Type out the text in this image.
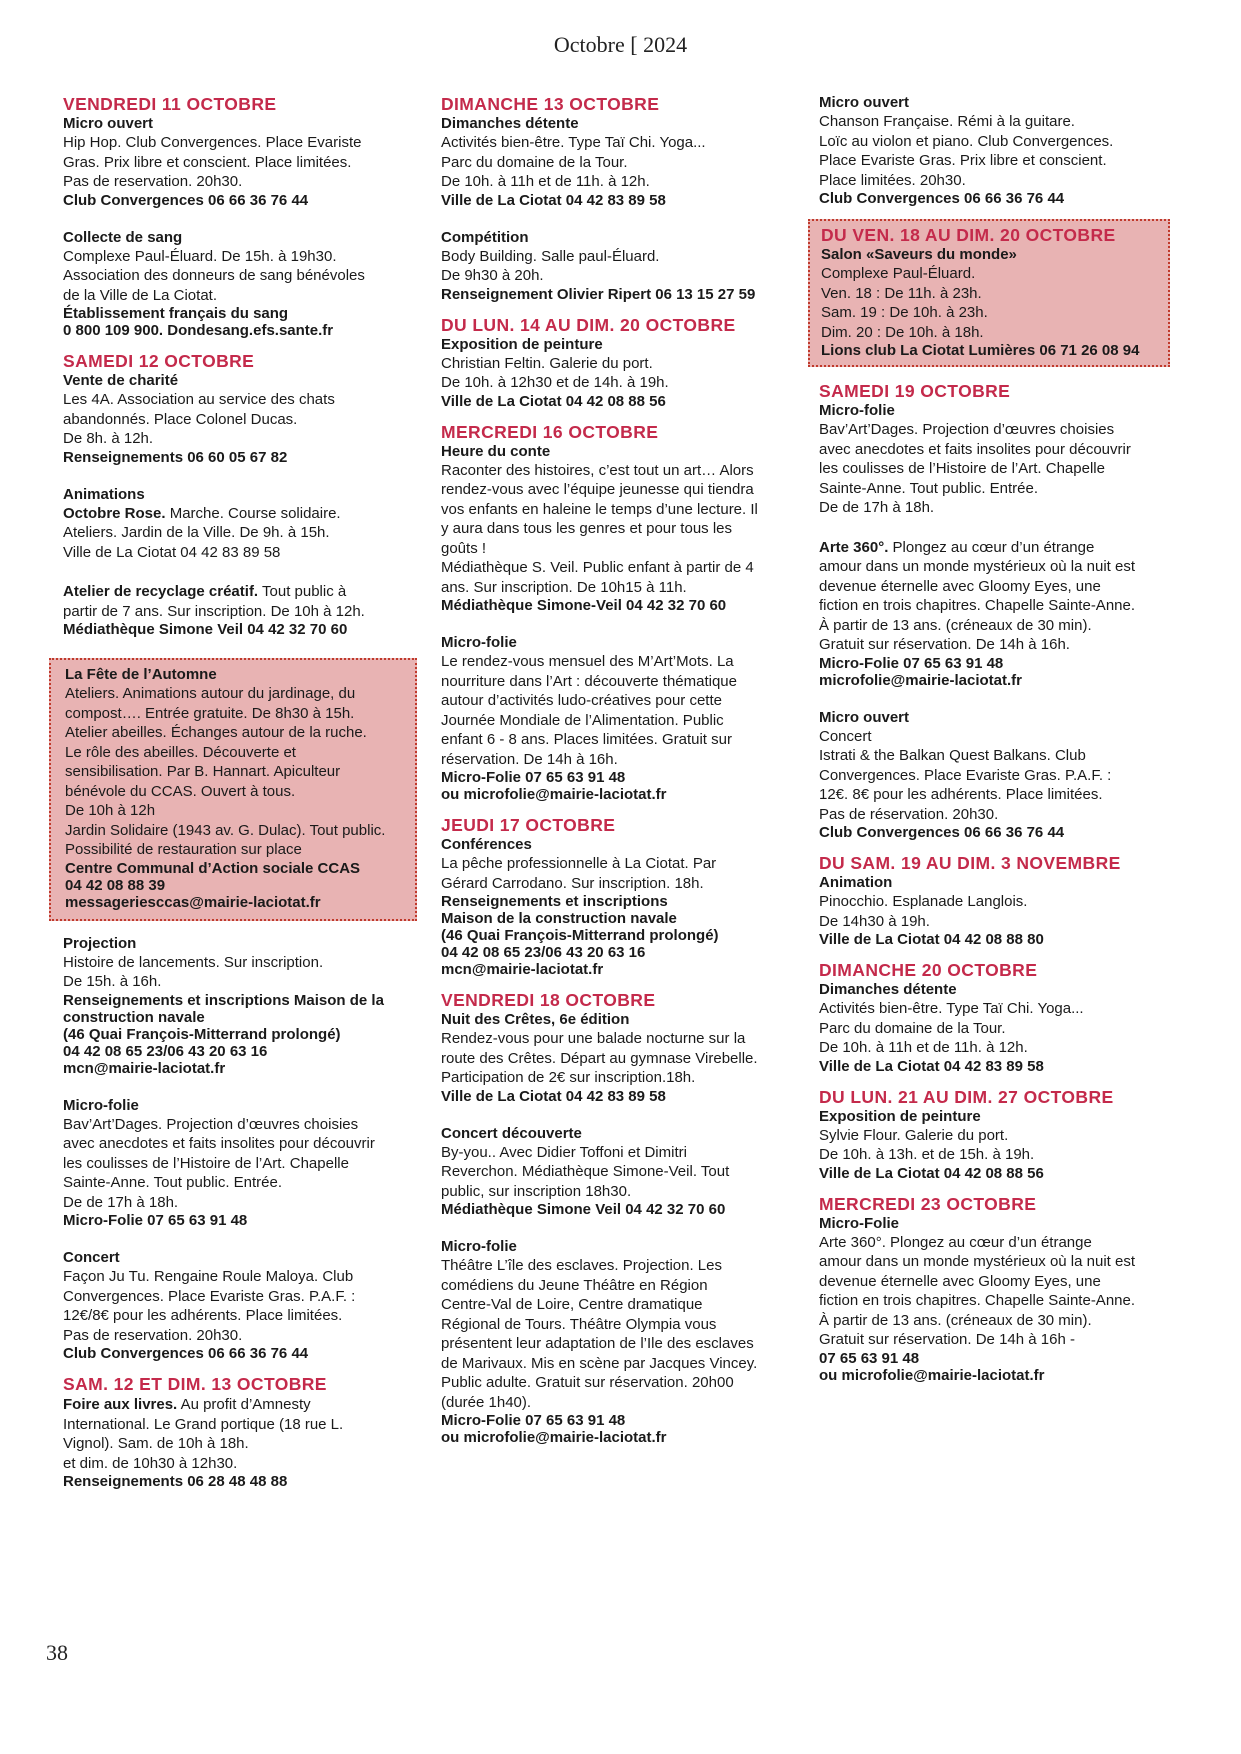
Octobre [ 2024
VENDREDI 11 OCTOBRE
Micro ouvert
Hip Hop. Club Convergences. Place Evariste
Gras. Prix libre et conscient. Place limitées.
Pas de reservation. 20h30.
Club Convergences 06 66 36 76 44
Collecte de sang
Complexe Paul-Éluard. De 15h. à 19h30.
Association des donneurs de sang bénévoles
de la Ville de La Ciotat.
Établissement français du sang
0 800 109 900. Dondesang.efs.sante.fr
SAMEDI 12 OCTOBRE
Vente de charité
Les 4A. Association au service des chats
abandonnés. Place Colonel Ducas.
De 8h. à 12h.
Renseignements 06 60 05 67 82
Animations
Octobre Rose. Marche. Course solidaire.
Ateliers. Jardin de la Ville. De 9h. à 15h.
Ville de La Ciotat 04 42 83 89 58
Atelier de recyclage créatif. Tout public à
partir de 7 ans. Sur inscription. De 10h à 12h.
Médiathèque Simone Veil 04 42 32 70 60
La Fête de l’Automne
Ateliers. Animations autour du jardinage, du
compost…. Entrée gratuite. De 8h30 à 15h.
Atelier abeilles. Échanges autour de la ruche.
Le rôle des abeilles. Découverte et
sensibilisation. Par B. Hannart. Apiculteur
bénévole du CCAS. Ouvert à tous.
De 10h à 12h
Jardin Solidaire (1943 av. G. Dulac). Tout public.
Possibilité de restauration sur place
Centre Communal d’Action sociale CCAS
04 42 08 88 39
messageriesccas@mairie-laciotat.fr
Projection
Histoire de lancements. Sur inscription.
De 15h. à 16h.
Renseignements et inscriptions Maison de la
construction navale
(46 Quai François-Mitterrand prolongé)
04 42 08 65 23/06 43 20 63 16
mcn@mairie-laciotat.fr
Micro-folie
Bav’Art’Dages. Projection d’œuvres choisies
avec anecdotes et faits insolites pour découvrir
les coulisses de l’Histoire de l’Art. Chapelle
Sainte-Anne. Tout public. Entrée.
De de 17h à 18h.
Micro-Folie 07 65 63 91 48
Concert
Façon Ju Tu. Rengaine Roule Maloya. Club
Convergences. Place Evariste Gras. P.A.F. :
12€/8€ pour les adhérents. Place limitées.
Pas de reservation. 20h30.
Club Convergences 06 66 36 76 44
SAM. 12 ET DIM. 13 OCTOBRE
Foire aux livres. Au profit d’Amnesty
International. Le Grand portique (18 rue L.
Vignol). Sam. de 10h à 18h.
et dim. de 10h30 à 12h30.
Renseignements 06 28 48 48 88
DIMANCHE 13 OCTOBRE
Dimanches détente
Activités bien-être. Type Taï Chi. Yoga...
Parc du domaine de la Tour.
De 10h. à 11h et de 11h. à 12h.
Ville de La Ciotat 04 42 83 89 58
Compétition
Body Building. Salle paul-Éluard.
De 9h30 à 20h.
Renseignement Olivier Ripert 06 13 15 27 59
DU LUN. 14 AU DIM. 20 OCTOBRE
Exposition de peinture
Christian Feltin. Galerie du port.
De 10h. à 12h30 et de 14h. à 19h.
Ville de La Ciotat 04 42 08 88 56
MERCREDI 16 OCTOBRE
Heure du conte
Raconter des histoires, c’est tout un art… Alors
rendez-vous avec l’équipe jeunesse qui tiendra
vos enfants en haleine le temps d’une lecture. Il
y aura dans tous les genres et pour tous les
goûts !
Médiathèque S. Veil. Public enfant à partir de 4
ans. Sur inscription. De 10h15 à 11h.
Médiathèque Simone-Veil 04 42 32 70 60
Micro-folie
Le rendez-vous mensuel des M’Art’Mots. La
nourriture dans l’Art : découverte thématique
autour d’activités ludo-créatives pour cette
Journée Mondiale de l’Alimentation. Public
enfant 6 - 8 ans. Places limitées. Gratuit sur
réservation. De 14h à 16h.
Micro-Folie 07 65 63 91 48
ou microfolie@mairie-laciotat.fr
JEUDI 17 OCTOBRE
Conférences
La pêche professionnelle à La Ciotat. Par
Gérard Carrodano. Sur inscription. 18h.
Renseignements et inscriptions
Maison de la construction navale
(46 Quai François-Mitterrand prolongé)
04 42 08 65 23/06 43 20 63 16
mcn@mairie-laciotat.fr
VENDREDI 18 OCTOBRE
Nuit des Crêtes, 6e édition
Rendez-vous pour une balade nocturne sur la
route des Crêtes. Départ au gymnase Virebelle.
Participation de 2€ sur inscription.18h.
Ville de La Ciotat 04 42 83 89 58
Concert découverte
By-you.. Avec Didier Toffoni et Dimitri
Reverchon. Médiathèque Simone-Veil. Tout
public, sur inscription 18h30.
Médiathèque Simone Veil 04 42 32 70 60
Micro-folie
Théâtre L’île des esclaves. Projection. Les
comédiens du Jeune Théâtre en Région
Centre-Val de Loire, Centre dramatique
Régional de Tours. Théâtre Olympia vous
présentent leur adaptation de l’Ile des esclaves
de Marivaux. Mis en scène par Jacques Vincey.
Public adulte. Gratuit sur réservation. 20h00
(durée 1h40).
Micro-Folie 07 65 63 91 48
ou microfolie@mairie-laciotat.fr
Micro ouvert
Chanson Française. Rémi à la guitare.
Loïc au violon et piano. Club Convergences.
Place Evariste Gras. Prix libre et conscient.
Place limitées. 20h30.
Club Convergences 06 66 36 76 44
DU VEN. 18 AU DIM. 20 OCTOBRE
Salon «Saveurs du monde»
Complexe Paul-Éluard.
Ven. 18 : De 11h. à 23h.
Sam. 19 : De 10h. à 23h.
Dim. 20 : De 10h. à 18h.
Lions club La Ciotat Lumières 06 71 26 08 94
SAMEDI 19 OCTOBRE
Micro-folie
Bav’Art’Dages. Projection d’œuvres choisies
avec anecdotes et faits insolites pour découvrir
les coulisses de l’Histoire de l’Art. Chapelle
Sainte-Anne. Tout public. Entrée.
De de 17h à 18h.
Arte 360°. Plongez au cœur d’un étrange
amour dans un monde mystérieux où la nuit est
devenue éternelle avec Gloomy Eyes, une
fiction en trois chapitres. Chapelle Sainte-Anne.
À partir de 13 ans. (créneaux de 30 min).
Gratuit sur réservation. De 14h à 16h.
Micro-Folie 07 65 63 91 48
microfolie@mairie-laciotat.fr
Micro ouvert
Concert
Istrati & the Balkan Quest Balkans. Club
Convergences. Place Evariste Gras. P.A.F. :
12€. 8€ pour les adhérents. Place limitées.
Pas de réservation. 20h30.
Club Convergences 06 66 36 76 44
DU SAM. 19 AU DIM. 3 NOVEMBRE
Animation
Pinocchio. Esplanade Langlois.
De 14h30 à 19h.
Ville de La Ciotat 04 42 08 88 80
DIMANCHE 20 OCTOBRE
Dimanches détente
Activités bien-être. Type Taï Chi. Yoga...
Parc du domaine de la Tour.
De 10h. à 11h et de 11h. à 12h.
Ville de La Ciotat 04 42 83 89 58
DU LUN. 21 AU DIM. 27 OCTOBRE
Exposition de peinture
Sylvie Flour. Galerie du port.
De 10h. à 13h. et de 15h. à 19h.
Ville de La Ciotat 04 42 08 88 56
MERCREDI 23 OCTOBRE
Micro-Folie
Arte 360°. Plongez au cœur d’un étrange
amour dans un monde mystérieux où la nuit est
devenue éternelle avec Gloomy Eyes, une
fiction en trois chapitres. Chapelle Sainte-Anne.
À partir de 13 ans. (créneaux de 30 min).
Gratuit sur réservation. De 14h à 16h -
07 65 63 91 48
ou microfolie@mairie-laciotat.fr
38
